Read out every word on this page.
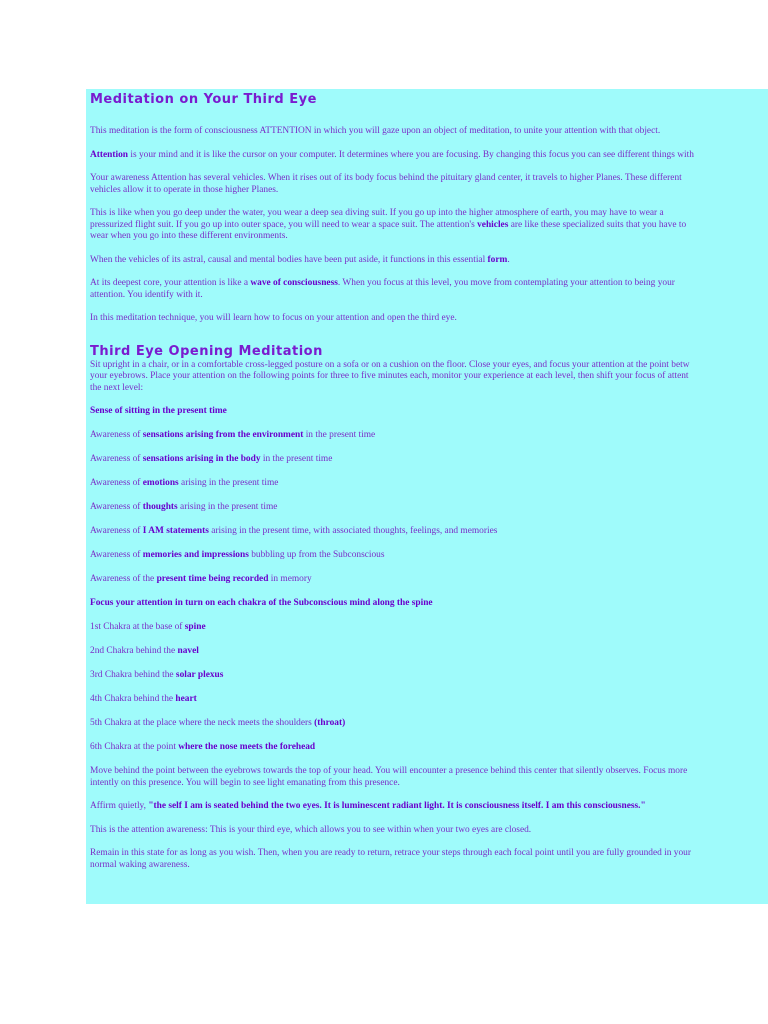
Meditation on Your Third Eye

This meditation is the form of consciousness ATTENTION in which you will gaze upon an object of meditation, to unite your attention with that object.

Attention is your mind and it is like the cursor on your computer. It determines where you are focusing. By changing this focus you can see different things with

Your awareness Attention has several vehicles. When it rises out of its body focus behind the pituitary gland center, it travels to higher Planes. These different
vehicles allow it to operate in those higher Planes.

This is like when you go deep under the water, you wear a deep sea diving suit. If you go up into the higher atmosphere of earth, you may have to wear a
pressurized flight suit. If you go up into outer space, you will need to wear a space suit. The attention's vehicles are like these specialized suits that you have to
wear when you go into these different environments.

When the vehicles of its astral, causal and mental bodies have been put aside, it functions in this essential form.

At its deepest core, your attention is like a wave of consciousness. When you focus at this level, you move from contemplating your attention to being your
attention. You identify with it.

In this meditation technique, you will learn how to focus on your attention and open the third eye.

Third Eye Opening Meditation

Sit upright in a chair, or in a comfortable cross-legged posture on a sofa or on a cushion on the floor. Close your eyes, and focus your attention at the point betw
your eyebrows. Place your attention on the following points for three to five minutes each, monitor your experience at each level, then shift your focus of attent
the next level:

Sense of sitting in the present time

Awareness of sensations arising from the environment in the present time

Awareness of sensations arising in the body in the present time

Awareness of emotions arising in the present time

Awareness of thoughts arising in the present time

Awareness of I AM statements arising in the present time, with associated thoughts, feelings, and memories

Awareness of memories and impressions bubbling up from the Subconscious

Awareness of the present time being recorded in memory

Focus your attention in turn on each chakra of the Subconscious mind along the spine

1st Chakra at the base of spine

2nd Chakra behind the navel

3rd Chakra behind the solar plexus

4th Chakra behind the heart

5th Chakra at the place where the neck meets the shoulders (throat)

6th Chakra at the point where the nose meets the forehead

Move behind the point between the eyebrows towards the top of your head. You will encounter a presence behind this center that silently observes. Focus more
intently on this presence. You will begin to see light emanating from this presence.

Affirm quietly, "the self I am is seated behind the two eyes. It is luminescent radiant light. It is consciousness itself. I am this consciousness."

This is the attention awareness: This is your third eye, which allows you to see within when your two eyes are closed.

Remain in this state for as long as you wish. Then, when you are ready to return, retrace your steps through each focal point until you are fully grounded in your
normal waking awareness.
